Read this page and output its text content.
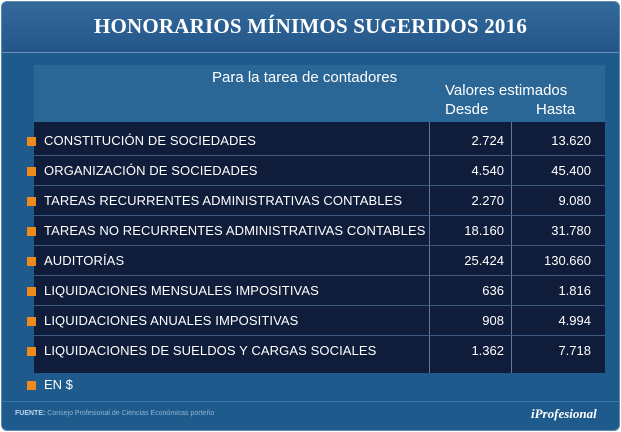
HONORARIOS MÍNIMOS SUGERIDOS 2016
Para la tarea de contadores
Valores estimados
Desde	Hasta
CONSTITUCIÓN DE SOCIEDADES	2.724	13.620
ORGANIZACIÓN DE SOCIEDADES	4.540	45.400
TAREAS RECURRENTES ADMINISTRATIVAS CONTABLES	2.270	9.080
TAREAS NO RECURRENTES ADMINISTRATIVAS CONTABLES	18.160	31.780
AUDITORÍAS	25.424	130.660
LIQUIDACIONES MENSUALES IMPOSITIVAS	636	1.816
LIQUIDACIONES ANUALES IMPOSITIVAS	908	4.994
LIQUIDACIONES DE SUELDOS Y CARGAS SOCIALES	1.362	7.718
EN $
FUENTE: Consejo Profesional de Ciencias Económicas porteño	iProfesional
